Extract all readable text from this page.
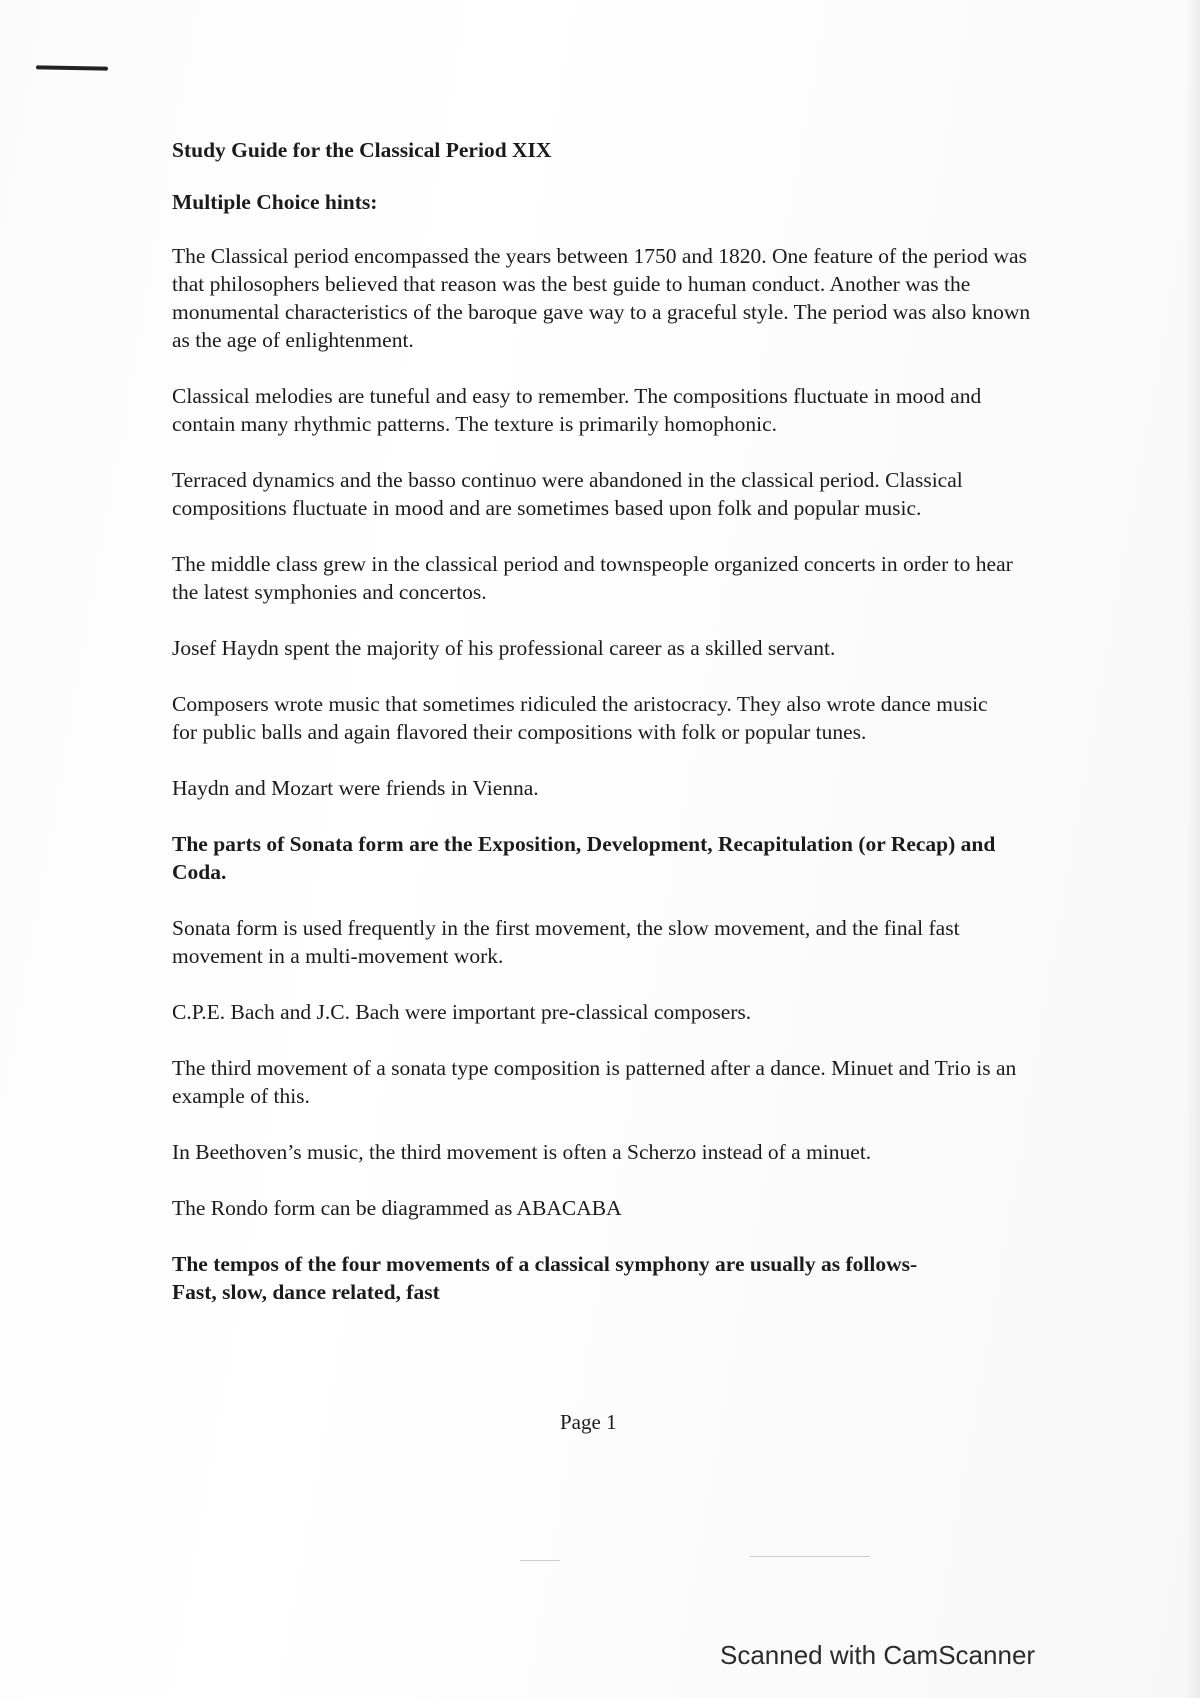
Study Guide for the Classical Period XIX

Multiple Choice hints:

The Classical period encompassed the years between 1750 and 1820. One feature of the period was that philosophers believed that reason was the best guide to human conduct. Another was the monumental characteristics of the baroque gave way to a graceful style. The period was also known as the age of enlightenment.

Classical melodies are tuneful and easy to remember. The compositions fluctuate in mood and contain many rhythmic patterns. The texture is primarily homophonic.

Terraced dynamics and the basso continuo were abandoned in the classical period. Classical compositions fluctuate in mood and are sometimes based upon folk and popular music.

The middle class grew in the classical period and townspeople organized concerts in order to hear the latest symphonies and concertos.

Josef Haydn spent the majority of his professional career as a skilled servant.

Composers wrote music that sometimes ridiculed the aristocracy. They also wrote dance music for public balls and again flavored their compositions with folk or popular tunes.

Haydn and Mozart were friends in Vienna.

The parts of Sonata form are the Exposition, Development, Recapitulation (or Recap) and Coda.

Sonata form is used frequently in the first movement, the slow movement, and the final fast movement in a multi-movement work.

C.P.E. Bach and J.C. Bach were important pre-classical composers.

The third movement of a sonata type composition is patterned after a dance. Minuet and Trio is an example of this.

In Beethoven’s music, the third movement is often a Scherzo instead of a minuet.

The Rondo form can be diagrammed as ABACABA

The tempos of the four movements of a classical symphony are usually as follows-

Fast, slow, dance related, fast

Page 1
Scanned with CamScanner
